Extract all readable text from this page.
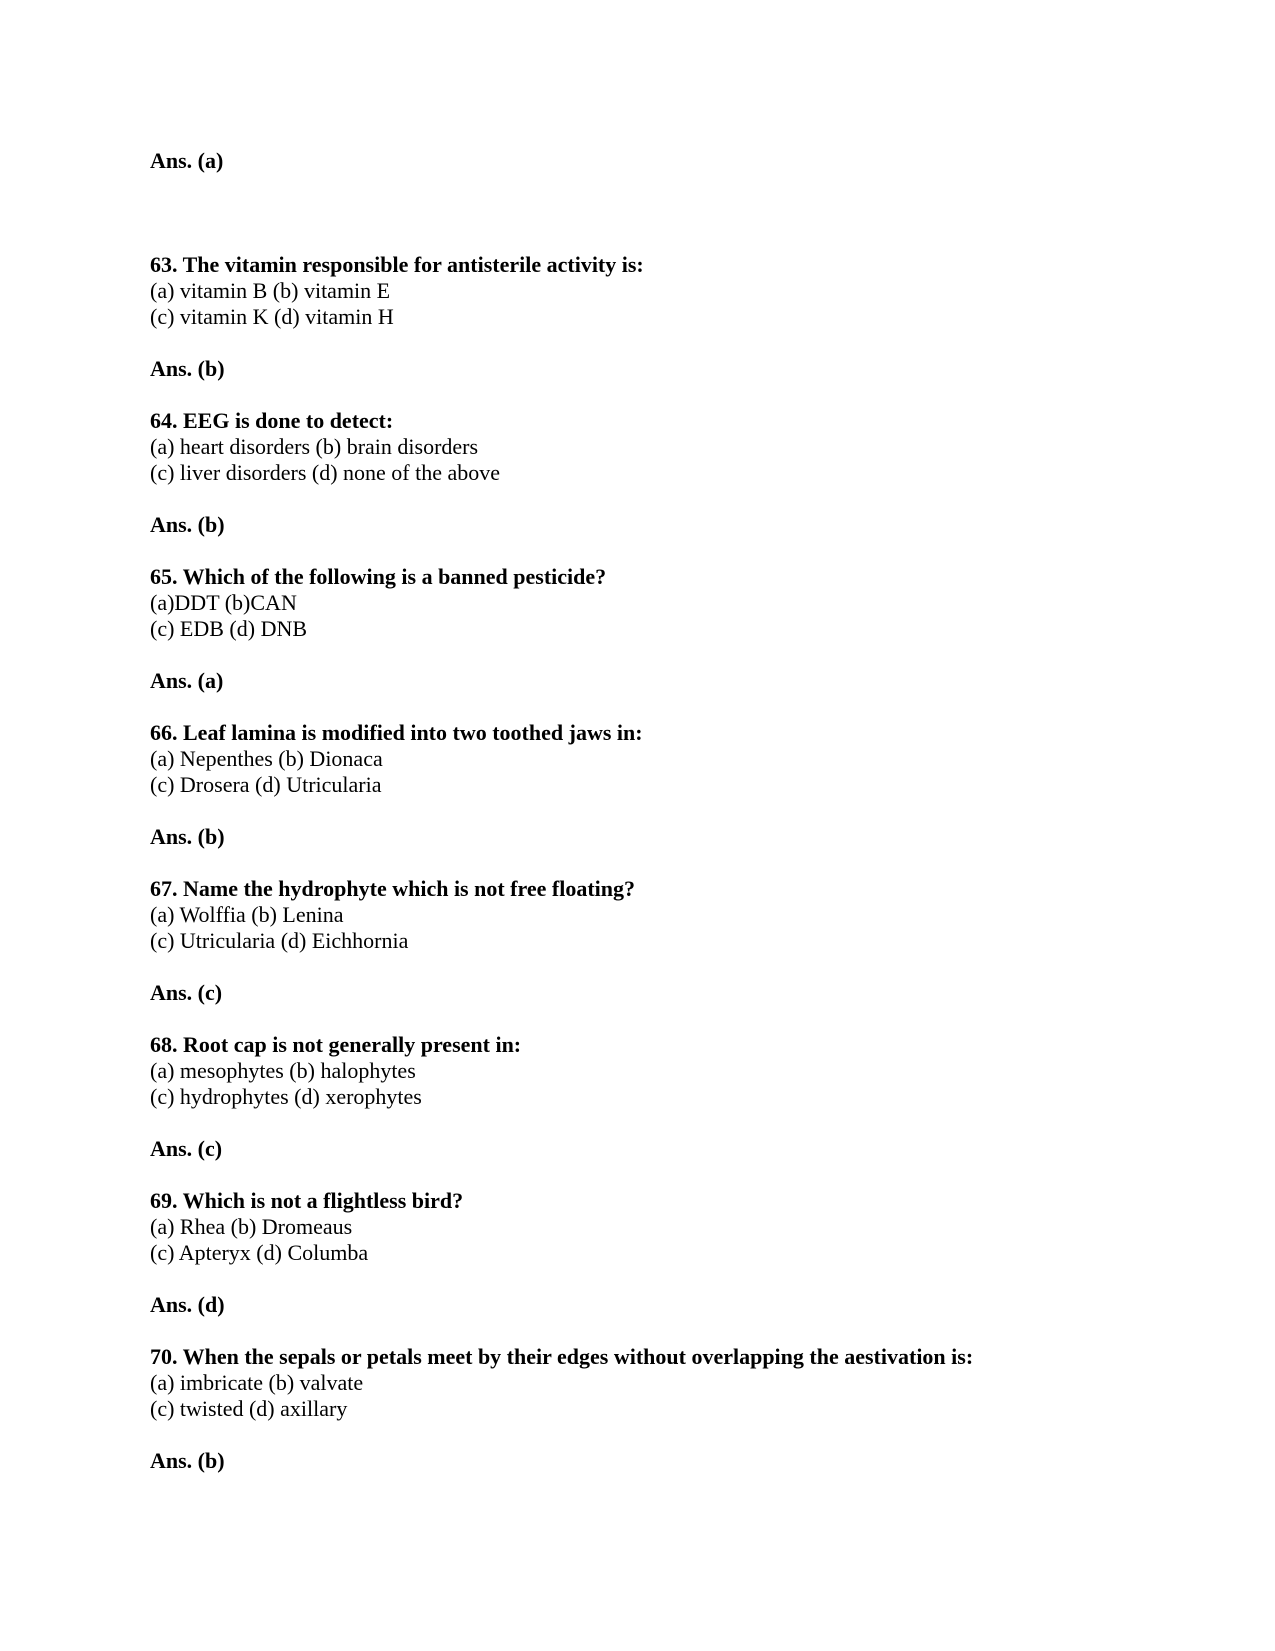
Ans. (a)
63. The vitamin responsible for antisterile activity is:
(a) vitamin B (b) vitamin E
(c) vitamin K (d) vitamin H
Ans. (b)
64. EEG is done to detect:
(a) heart disorders (b) brain disorders
(c) liver disorders (d) none of the above
Ans. (b)
65. Which of the following is a banned pesticide?
(a)DDT (b)CAN
(c) EDB (d) DNB
Ans. (a)
66. Leaf lamina is modified into two toothed jaws in:
(a) Nepenthes (b) Dionaca
(c) Drosera (d) Utricularia
Ans. (b)
67. Name the hydrophyte which is not free floating?
(a) Wolffia (b) Lenina
(c) Utricularia (d) Eichhornia
Ans. (c)
68. Root cap is not generally present in:
(a) mesophytes (b) halophytes
(c) hydrophytes (d) xerophytes
Ans. (c)
69. Which is not a flightless bird?
(a) Rhea (b) Dromeaus
(c) Apteryx (d) Columba
Ans. (d)
70. When the sepals or petals meet by their edges without overlapping the aestivation is:
(a) imbricate (b) valvate
(c) twisted (d) axillary
Ans. (b)
